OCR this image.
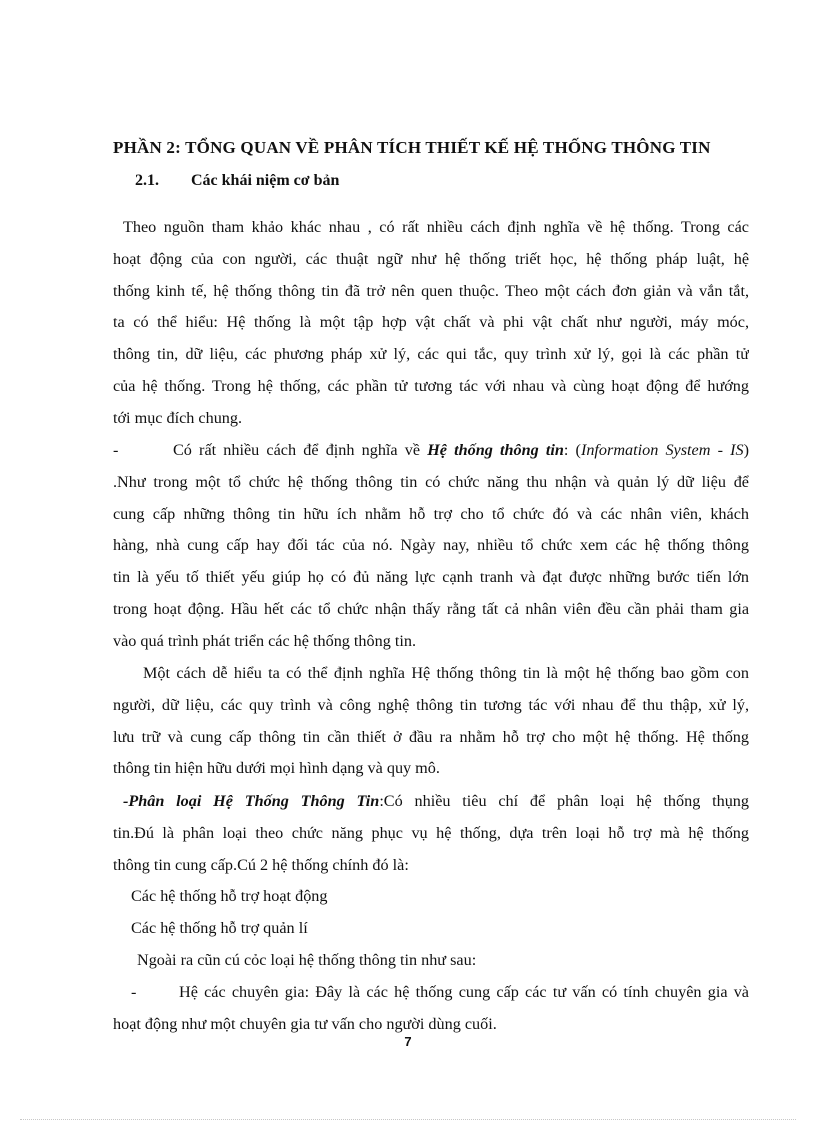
PHẦN 2: TỔNG QUAN VỀ PHÂN TÍCH THIẾT KẾ HỆ THỐNG THÔNG TIN
2.1. Các khái niệm cơ bản
Theo nguồn tham khảo khác nhau , có rất nhiều cách định nghĩa về hệ thống. Trong các
hoạt động của con người, các thuật ngữ như hệ thống triết học, hệ thống pháp luật, hệ
thống kinh tế, hệ thống thông tin đã trở nên quen thuộc. Theo một cách đơn giản và vắn tắt,
ta có thể hiểu: Hệ thống là một tập hợp vật chất và phi vật chất như người, máy móc,
thông tin, dữ liệu, các phương pháp xử lý, các qui tắc, quy trình xử lý, gọi là các phần tử
của hệ thống. Trong hệ thống, các phần tử tương tác với nhau và cùng hoạt động để hướng
tới mục đích chung.
-	Có rất nhiều cách để định nghĩa về Hệ thống thông tin: (Information System - IS)
.Như trong một tổ chức hệ thống thông tin có chức năng thu nhận và quản lý dữ liệu để
cung cấp những thông tin hữu ích nhằm hỗ trợ cho tổ chức đó và các nhân viên, khách
hàng, nhà cung cấp hay đối tác của nó. Ngày nay, nhiều tổ chức xem các hệ thống thông
tin là yếu tố thiết yếu giúp họ có đủ năng lực cạnh tranh và đạt được những bước tiến lớn
trong hoạt động. Hầu hết các tổ chức nhận thấy rằng tất cả nhân viên đều cần phải tham gia
vào quá trình phát triển các hệ thống thông tin.
Một cách dễ hiểu ta có thể định nghĩa Hệ thống thông tin là một hệ thống bao gồm con
người, dữ liệu, các quy trình và công nghệ thông tin tương tác với nhau để thu thập, xử lý,
lưu trữ và cung cấp thông tin cần thiết ở đầu ra nhằm hỗ trợ cho một hệ thống. Hệ thống
thông tin hiện hữu dưới mọi hình dạng và quy mô.
-Phân loại Hệ Thống Thông Tin:Có nhiều tiêu chí để phân loại hệ thống thụng
tin.Đú là phân loại theo chức năng phục vụ hệ thống, dựa trên loại hỗ trợ mà hệ thống
thông tin cung cấp.Cú 2 hệ thống chính đó là:
Các hệ thống hỗ trợ hoạt động
Các hệ thống hỗ trợ quản lí
Ngoài ra cũn cú cỏc loại hệ thống thông tin như sau:
-	Hệ các chuyên gia: Đây là các hệ thống cung cấp các tư vấn có tính chuyên gia và
hoạt động như một chuyên gia tư vấn cho người dùng cuối.
7
